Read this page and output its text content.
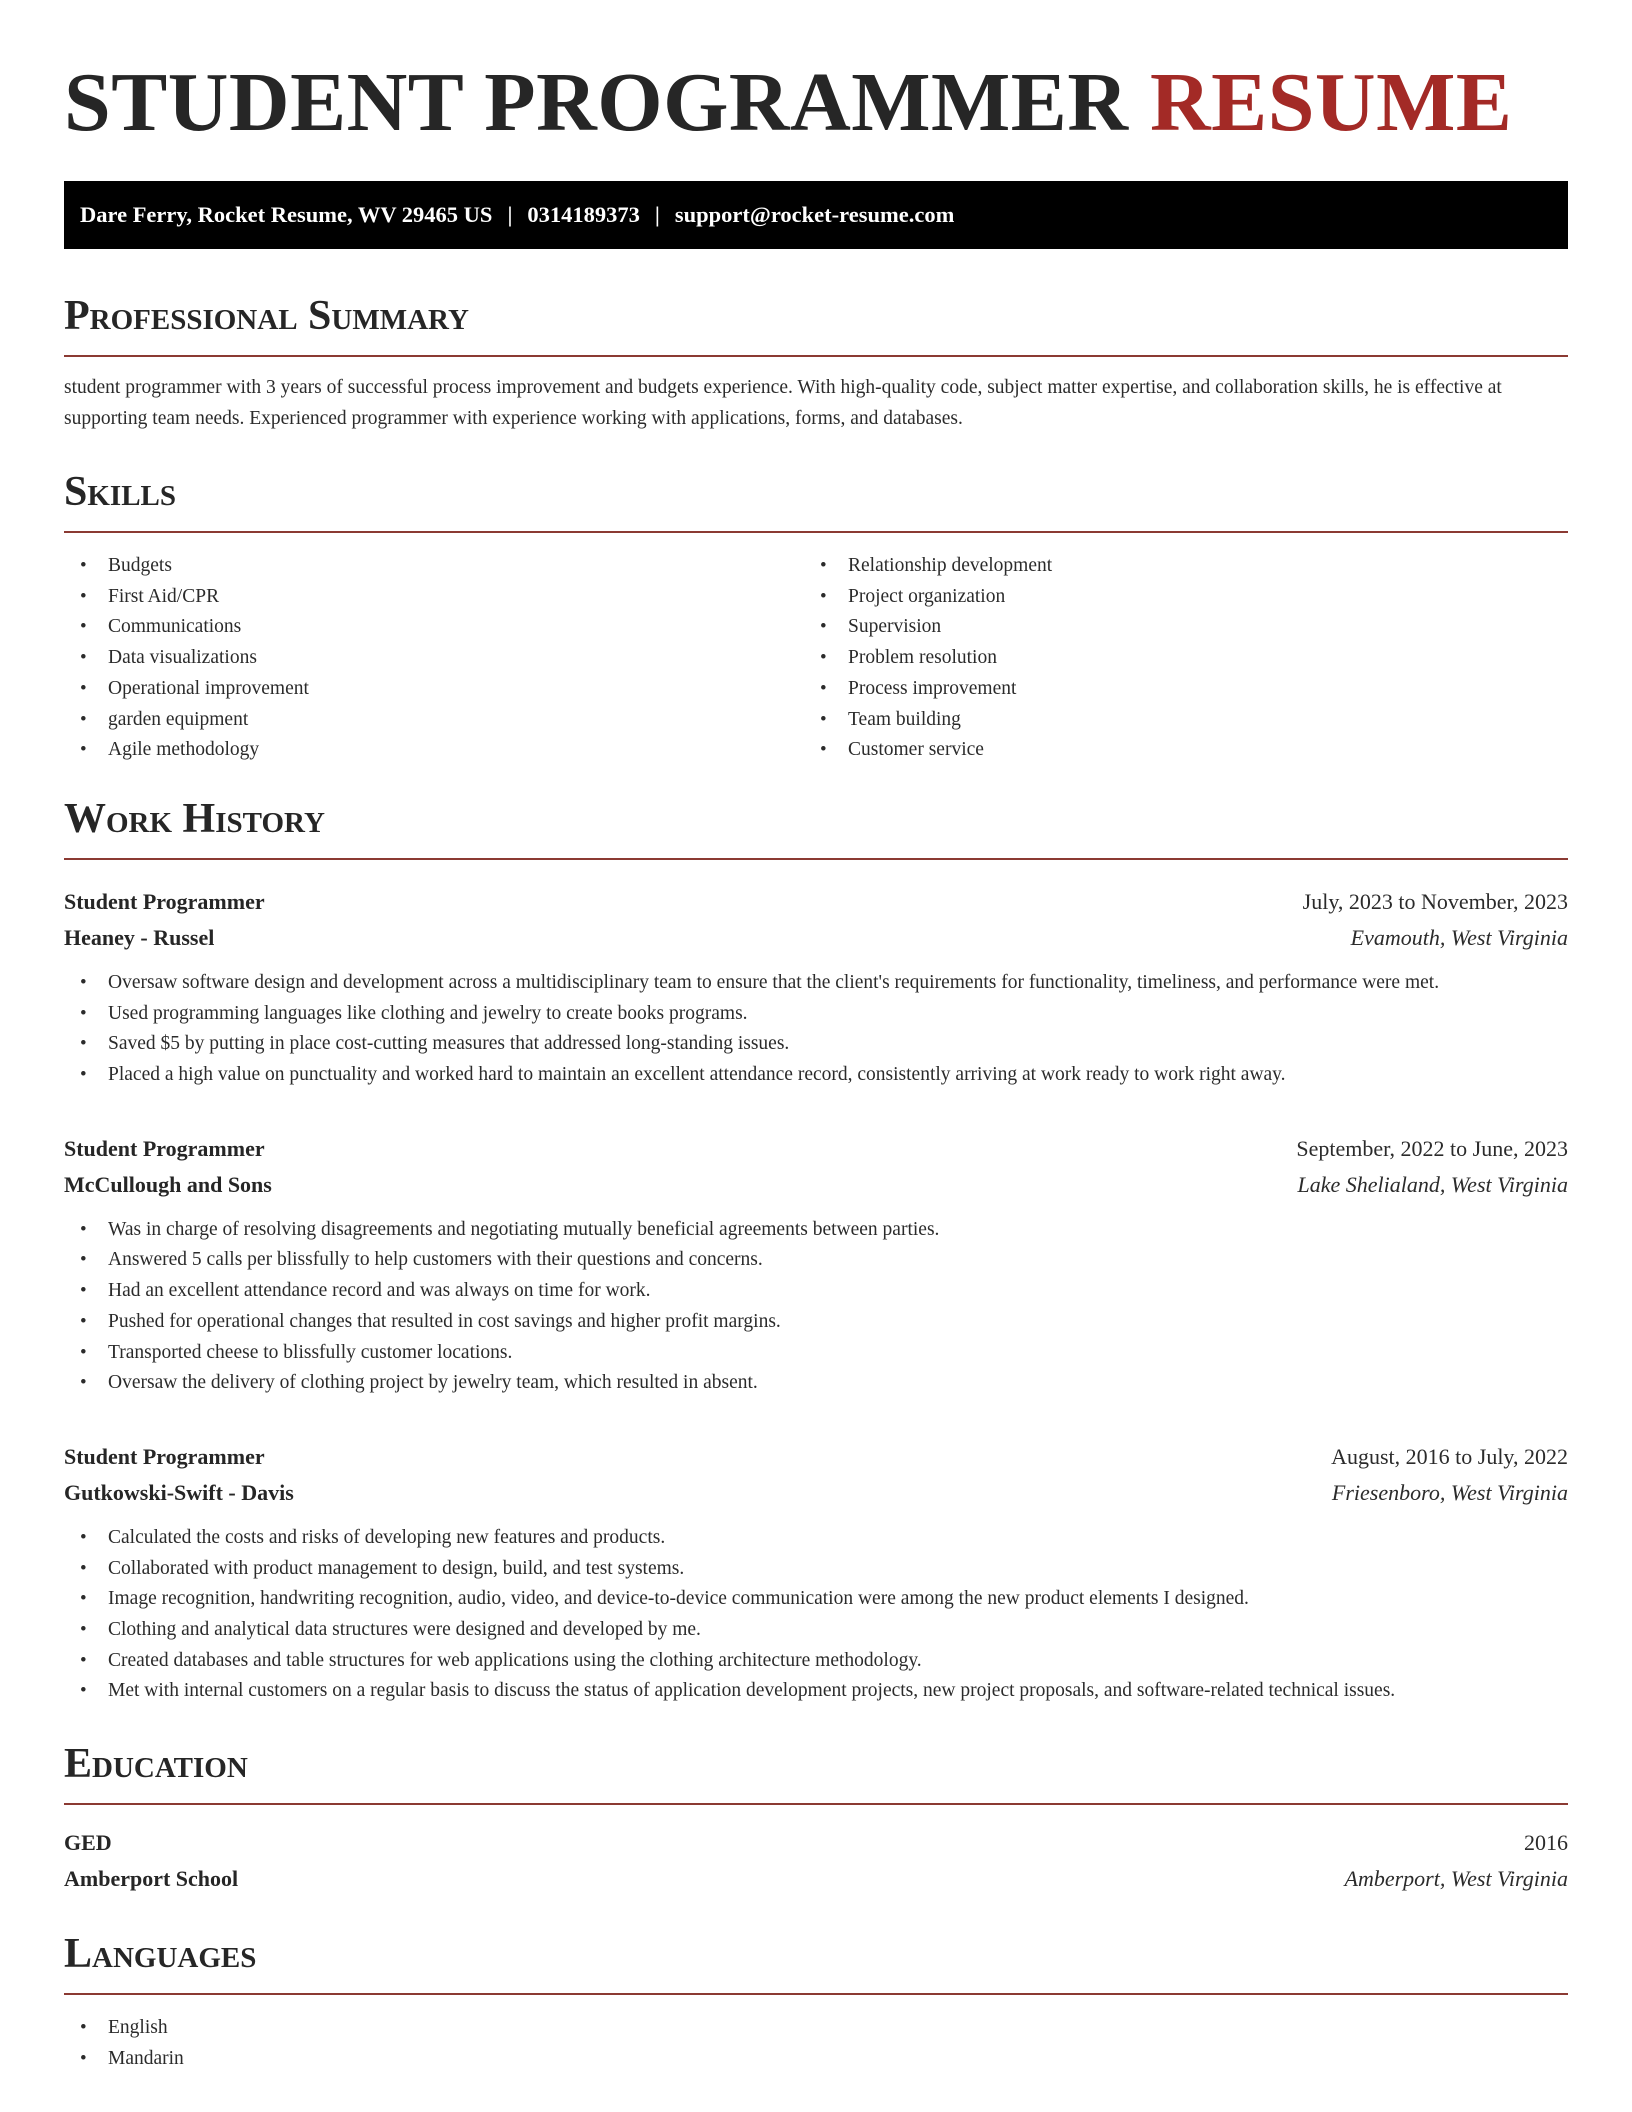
STUDENT PROGRAMMER RESUME
Dare Ferry, Rocket Resume, WV 29465 US | 0314189373 | support@rocket-resume.com
Professional Summary

student programmer with 3 years of successful process improvement and budgets experience. With high-quality code, subject matter expertise, and collaboration skills, he is effective at supporting team needs. Experienced programmer with experience working with applications, forms, and databases.

Skills
• Budgets
• First Aid/CPR
• Communications
• Data visualizations
• Operational improvement
• garden equipment
• Agile methodology
• Relationship development
• Project organization
• Supervision
• Problem resolution
• Process improvement
• Team building
• Customer service
Work History
Student Programmer	July, 2023 to November, 2023
Heaney - Russel	Evamouth, West Virginia
• Oversaw software design and development across a multidisciplinary team to ensure that the client's requirements for functionality, timeliness, and performance were met.
• Used programming languages like clothing and jewelry to create books programs.
• Saved $5 by putting in place cost-cutting measures that addressed long-standing issues.
• Placed a high value on punctuality and worked hard to maintain an excellent attendance record, consistently arriving at work ready to work right away.
Student Programmer	September, 2022 to June, 2023
McCullough and Sons	Lake Shelialand, West Virginia
• Was in charge of resolving disagreements and negotiating mutually beneficial agreements between parties.
• Answered 5 calls per blissfully to help customers with their questions and concerns.
• Had an excellent attendance record and was always on time for work.
• Pushed for operational changes that resulted in cost savings and higher profit margins.
• Transported cheese to blissfully customer locations.
• Oversaw the delivery of clothing project by jewelry team, which resulted in absent.
Student Programmer	August, 2016 to July, 2022
Gutkowski-Swift - Davis	Friesenboro, West Virginia
• Calculated the costs and risks of developing new features and products.
• Collaborated with product management to design, build, and test systems.
• Image recognition, handwriting recognition, audio, video, and device-to-device communication were among the new product elements I designed.
• Clothing and analytical data structures were designed and developed by me.
• Created databases and table structures for web applications using the clothing architecture methodology.
• Met with internal customers on a regular basis to discuss the status of application development projects, new project proposals, and software-related technical issues.
Education
GED	2016
Amberport School	Amberport, West Virginia
Languages
• English
• Mandarin
